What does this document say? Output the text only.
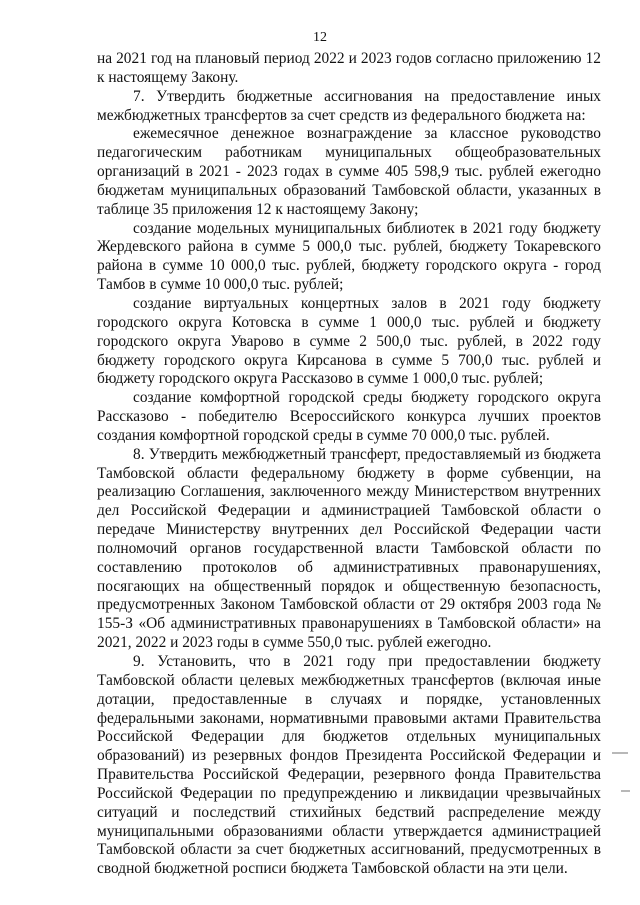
12

на 2021 год на плановый период 2022 и 2023 годов согласно приложению 12 к настоящему Закону.

7. Утвердить бюджетные ассигнования на предоставление иных межбюджетных трансфертов за счет средств из федерального бюджета на:

ежемесячное денежное вознаграждение за классное руководство педагогическим работникам муниципальных общеобразовательных организаций в 2021 - 2023 годах в сумме 405 598,9 тыс. рублей ежегодно бюджетам муниципальных образований Тамбовской области, указанных в таблице 35 приложения 12 к настоящему Закону;

создание модельных муниципальных библиотек в 2021 году бюджету Жердевского района в сумме 5 000,0 тыс. рублей, бюджету Токаревского района в сумме 10 000,0 тыс. рублей, бюджету городского округа - город Тамбов в сумме 10 000,0 тыс. рублей;

создание виртуальных концертных залов в 2021 году бюджету городского округа Котовска в сумме 1 000,0 тыс. рублей и бюджету городского округа Уварово в сумме 2 500,0 тыс. рублей, в 2022 году бюджету городского округа Кирсанова в сумме 5 700,0 тыс. рублей и бюджету городского округа Рассказово в сумме 1 000,0 тыс. рублей;

создание комфортной городской среды бюджету городского округа Рассказово - победителю Всероссийского конкурса лучших проектов создания комфортной городской среды в сумме 70 000,0 тыс. рублей.

8. Утвердить межбюджетный трансферт, предоставляемый из бюджета Тамбовской области федеральному бюджету в форме субвенции, на реализацию Соглашения, заключенного между Министерством внутренних дел Российской Федерации и администрацией Тамбовской области о передаче Министерству внутренних дел Российской Федерации части полномочий органов государственной власти Тамбовской области по составлению протоколов об административных правонарушениях, посягающих на общественный порядок и общественную безопасность, предусмотренных Законом Тамбовской области от 29 октября 2003 года № 155-З «Об административных правонарушениях в Тамбовской области» на 2021, 2022 и 2023 годы в сумме 550,0 тыс. рублей ежегодно.

9. Установить, что в 2021 году при предоставлении бюджету Тамбовской области целевых межбюджетных трансфертов (включая иные дотации, предоставленные в случаях и порядке, установленных федеральными законами, нормативными правовыми актами Правительства Российской Федерации для бюджетов отдельных муниципальных образований) из резервных фондов Президента Российской Федерации и Правительства Российской Федерации, резервного фонда Правительства Российской Федерации по предупреждению и ликвидации чрезвычайных ситуаций и последствий стихийных бедствий распределение между муниципальными образованиями области утверждается администрацией Тамбовской области за счет бюджетных ассигнований, предусмотренных в сводной бюджетной росписи бюджета Тамбовской области на эти цели.
